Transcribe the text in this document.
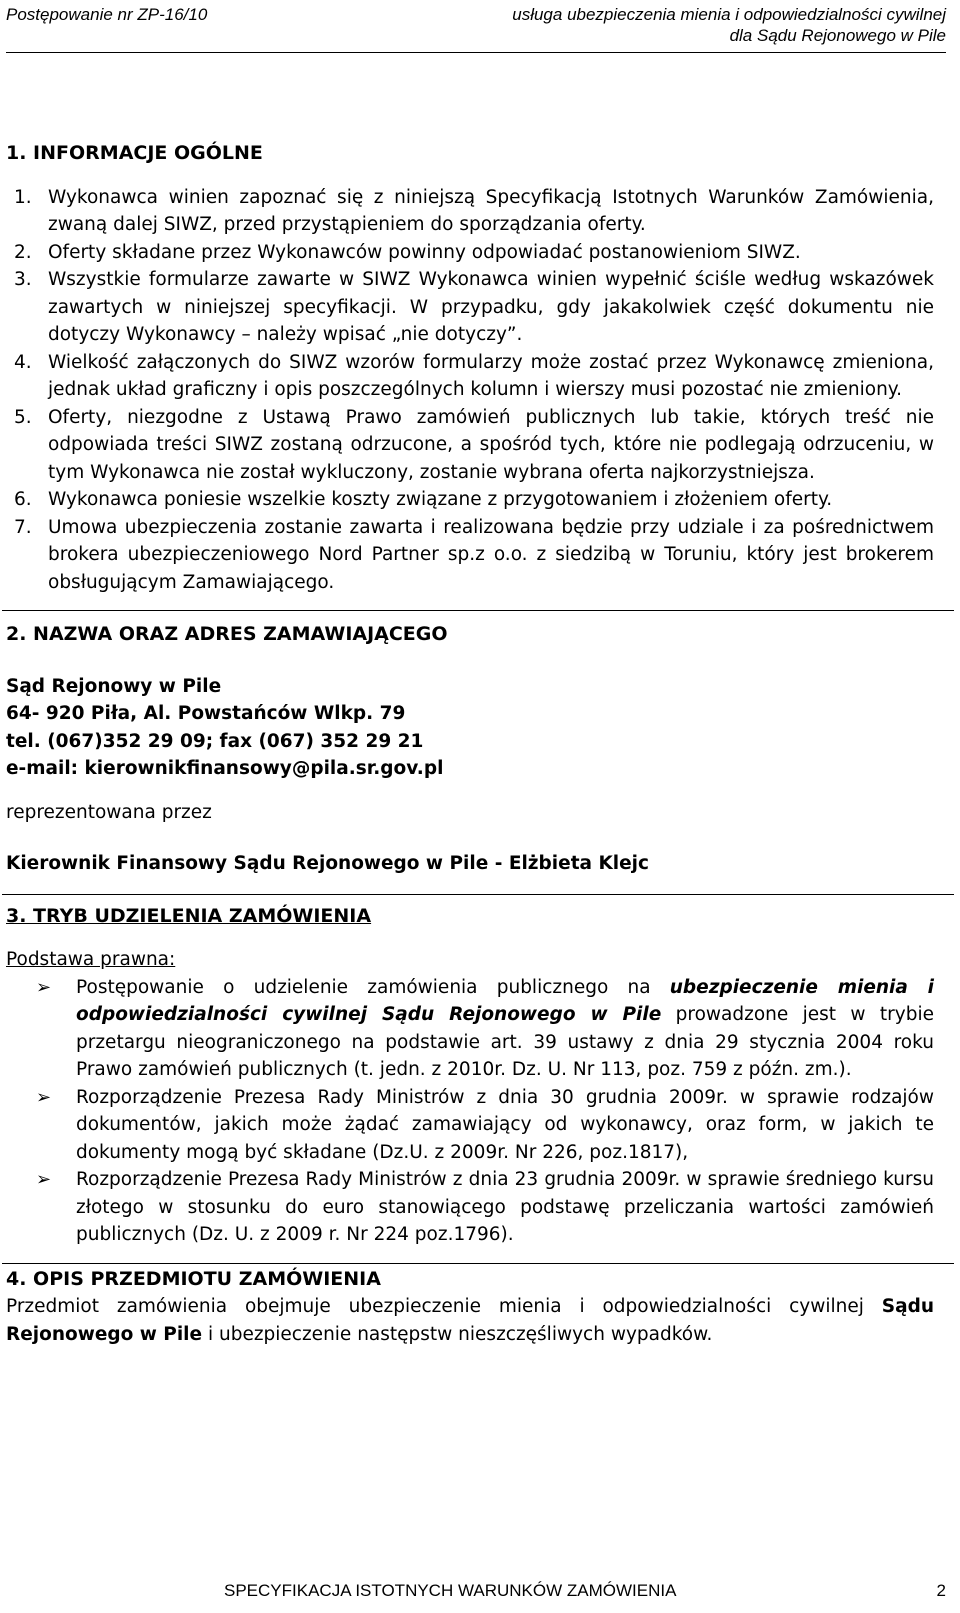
Postępowanie nr ZP-16/10	usługa ubezpieczenia mienia i odpowiedzialności cywilnej
dla Sądu Rejonowego w Pile
1. INFORMACJE OGÓLNE
1. Wykonawca winien zapoznać się z niniejszą Specyfikacją Istotnych Warunków Zamówienia, zwaną dalej SIWZ, przed przystąpieniem do sporządzania oferty.
2. Oferty składane przez Wykonawców powinny odpowiadać postanowieniom SIWZ.
3. Wszystkie formularze zawarte w SIWZ Wykonawca winien wypełnić ściśle według wskazówek zawartych w niniejszej specyfikacji. W przypadku, gdy jakakolwiek część dokumentu nie dotyczy Wykonawcy – należy wpisać „nie dotyczy”.
4. Wielkość załączonych do SIWZ wzorów formularzy może zostać przez Wykonawcę zmieniona, jednak układ graficzny i opis poszczególnych kolumn i wierszy musi pozostać nie zmieniony.
5. Oferty, niezgodne z Ustawą Prawo zamówień publicznych lub takie, których treść nie odpowiada treści SIWZ zostaną odrzucone, a spośród tych, które nie podlegają odrzuceniu, w tym Wykonawca nie został wykluczony, zostanie wybrana oferta najkorzystniejsza.
6. Wykonawca poniesie wszelkie koszty związane z przygotowaniem i złożeniem oferty.
7. Umowa ubezpieczenia zostanie zawarta i realizowana będzie przy udziale i za pośrednictwem brokera ubezpieczeniowego Nord Partner sp.z o.o. z siedzibą w Toruniu, który jest brokerem obsługującym Zamawiającego.
2. NAZWA ORAZ ADRES ZAMAWIAJĄCEGO
Sąd Rejonowy w Pile
64- 920 Piła, Al. Powstańców Wlkp. 79
tel. (067)352 29 09; fax (067) 352 29 21
e-mail: kierownikfinansowy@pila.sr.gov.pl
reprezentowana przez
Kierownik Finansowy Sądu Rejonowego w Pile - Elżbieta Klejc
3. TRYB UDZIELENIA ZAMÓWIENIA
Podstawa prawna:
➢	Postępowanie o udzielenie zamówienia publicznego na ubezpieczenie mienia i odpowiedzialności cywilnej Sądu Rejonowego w Pile prowadzone jest w trybie przetargu nieograniczonego na podstawie art. 39 ustawy z dnia 29 stycznia 2004 roku Prawo zamówień publicznych (t. jedn. z 2010r. Dz. U. Nr 113, poz. 759 z późn. zm.).
➢	Rozporządzenie Prezesa Rady Ministrów z dnia 30 grudnia 2009r. w sprawie rodzajów dokumentów, jakich może żądać zamawiający od wykonawcy, oraz form, w jakich te dokumenty mogą być składane (Dz.U. z 2009r. Nr 226, poz.1817),
➢	Rozporządzenie Prezesa Rady Ministrów z dnia 23 grudnia 2009r. w sprawie średniego kursu złotego w stosunku do euro stanowiącego podstawę przeliczania wartości zamówień publicznych (Dz. U. z 2009 r. Nr 224 poz.1796).
4. OPIS PRZEDMIOTU ZAMÓWIENIA
Przedmiot zamówienia obejmuje ubezpieczenie mienia i odpowiedzialności cywilnej Sądu Rejonowego w Pile i ubezpieczenie następstw nieszczęśliwych wypadków.
SPECYFIKACJA ISTOTNYCH WARUNKÓW ZAMÓWIENIA	2
